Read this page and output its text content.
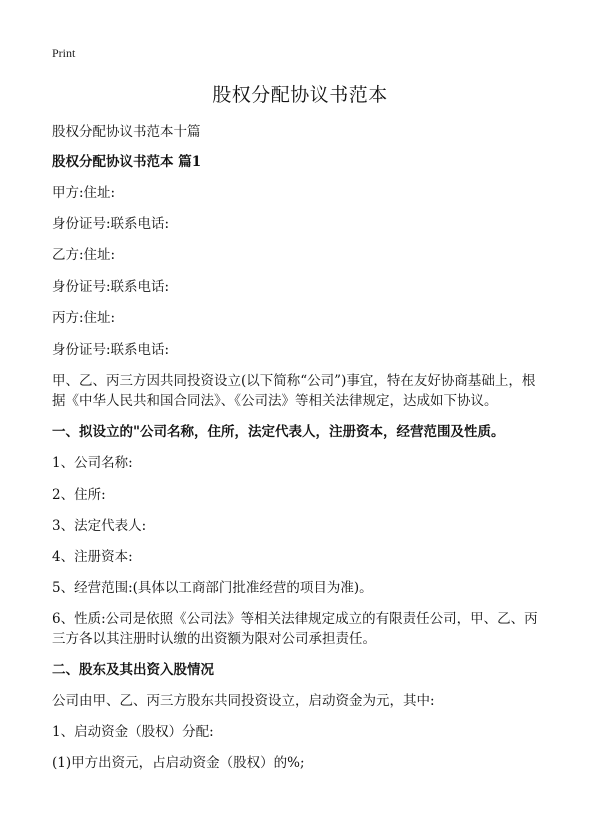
Print
股权分配协议书范本
股权分配协议书范本十篇
股权分配协议书范本 篇1
甲方:住址:
身份证号:联系电话:
乙方:住址:
身份证号:联系电话:
丙方:住址:
身份证号:联系电话:
甲、乙、丙三方因共同投资设立(以下简称“公司”)事宜，特在友好协商基础上，根
据《中华人民共和国合同法》、《公司法》等相关法律规定，达成如下协议。
一、拟设立的"公司名称，住所，法定代表人，注册资本，经营范围及性质。
1、公司名称:
2、住所:
3、法定代表人:
4、注册资本:
5、经营范围:(具体以工商部门批准经营的项目为准)。
6、性质:公司是依照《公司法》等相关法律规定成立的有限责任公司，甲、乙、丙
三方各以其注册时认缴的出资额为限对公司承担责任。
二、股东及其出资入股情况
公司由甲、乙、丙三方股东共同投资设立，启动资金为元，其中:
1、启动资金（股权）分配:
(1)甲方出资元，占启动资金（股权）的%;
